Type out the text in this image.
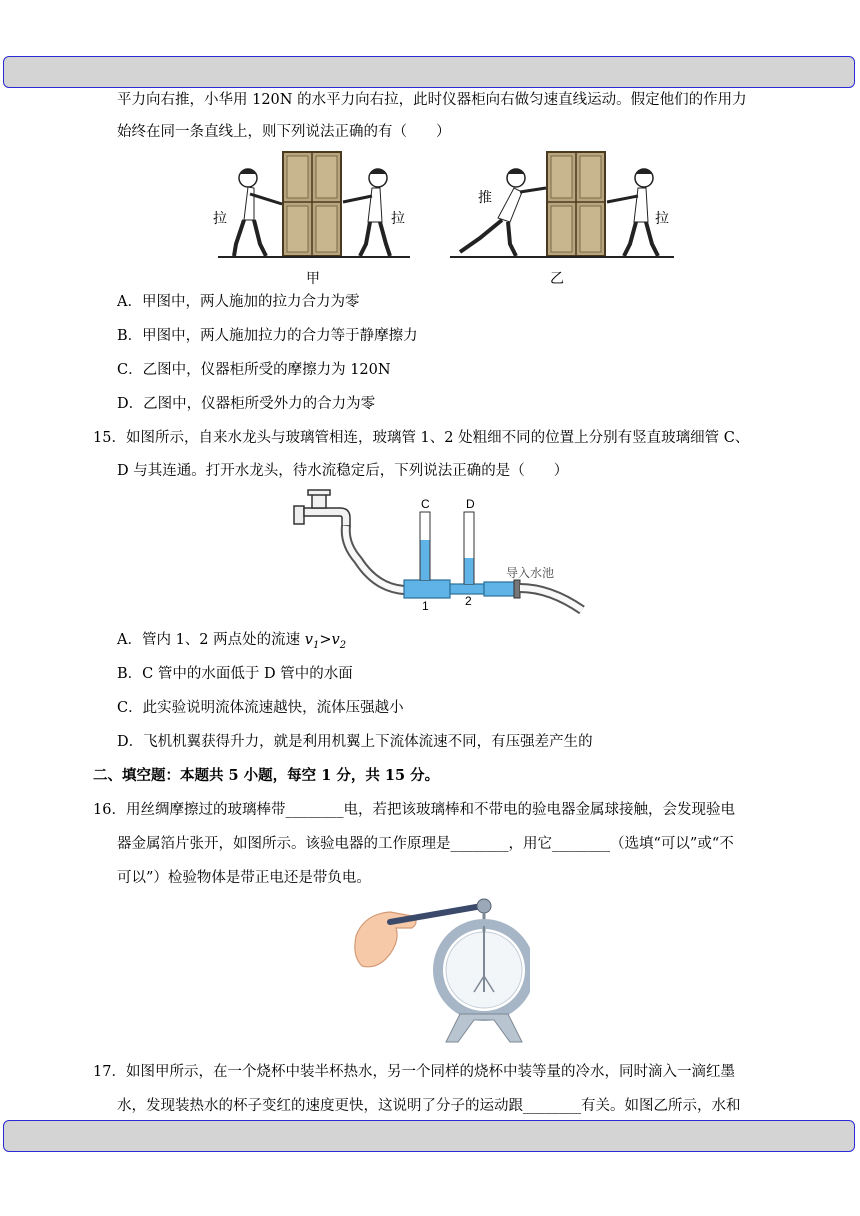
平力向右推，小华用 120N 的水平力向右拉，此时仪器柜向右做匀速直线运动。假定他们的作用力
始终在同一条直线上，则下列说法正确的有（　　）
拉	拉
推
拉
甲	乙
A．甲图中，两人施加的拉力合力为零
B．甲图中，两人施加拉力的合力等于静摩擦力
C．乙图中，仪器柜所受的摩擦力为 120N
D．乙图中，仪器柜所受外力的合力为零
15．如图所示，自来水龙头与玻璃管相连，玻璃管 1、2 处粗细不同的位置上分别有竖直玻璃细管 C、
D 与其连通。打开水龙头，待水流稳定后，下列说法正确的是（　　）
C	D
1	2
导入水池
A．管内 1、2 两点处的流速 $v_1>v_2$
B．C 管中的水面低于 D 管中的水面
C．此实验说明流体流速越快，流体压强越小
D．飞机机翼获得升力，就是利用机翼上下流体流速不同，有压强差产生的
二、填空题：本题共 5 小题，每空 1 分，共 15 分。
16．用丝绸摩擦过的玻璃棒带________电，若把该玻璃棒和不带电的验电器金属球接触，会发现验电
器金属箔片张开，如图所示。该验电器的工作原理是________，用它________（选填“可以”或“不
可以”）检验物体是带正电还是带负电。
17．如图甲所示，在一个烧杯中装半杯热水，另一个同样的烧杯中装等量的冷水，同时滴入一滴红墨
水，发现装热水的杯子变红的速度更快，这说明了分子的运动跟________有关。如图乙所示，水和
